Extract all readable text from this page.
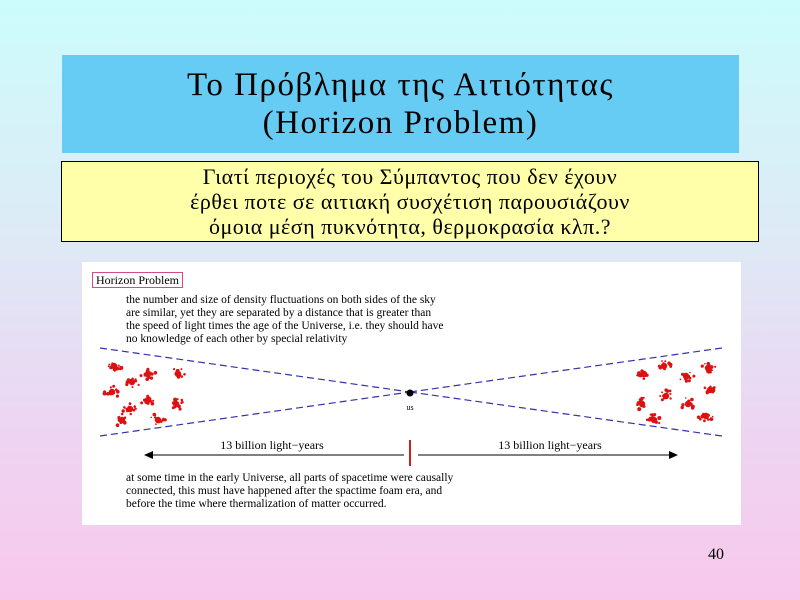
Το Πρόβλημα της Αιτιότητας
(Horizon Problem)
Γιατί περιοχές του Σύμπαντος που δεν έχουν
έρθει ποτε σε αιτιακή συσχέτιση παρουσιάζουν
όμοια μέση πυκνότητα, θερμοκρασία κλπ.?
us
13 billion light−years	13 billion light−years
Horizon Problem
the number and size of density fluctuations on both sides of the sky
are similar, yet they are separated by a distance that is greater than
the speed of light times the age of the Universe, i.e. they should have
no knowledge of each other by special relativity
at some time in the early Universe, all parts of spacetime were causally
connected, this must have happened after the spactime foam era, and
before the time where thermalization of matter occurred.
40
